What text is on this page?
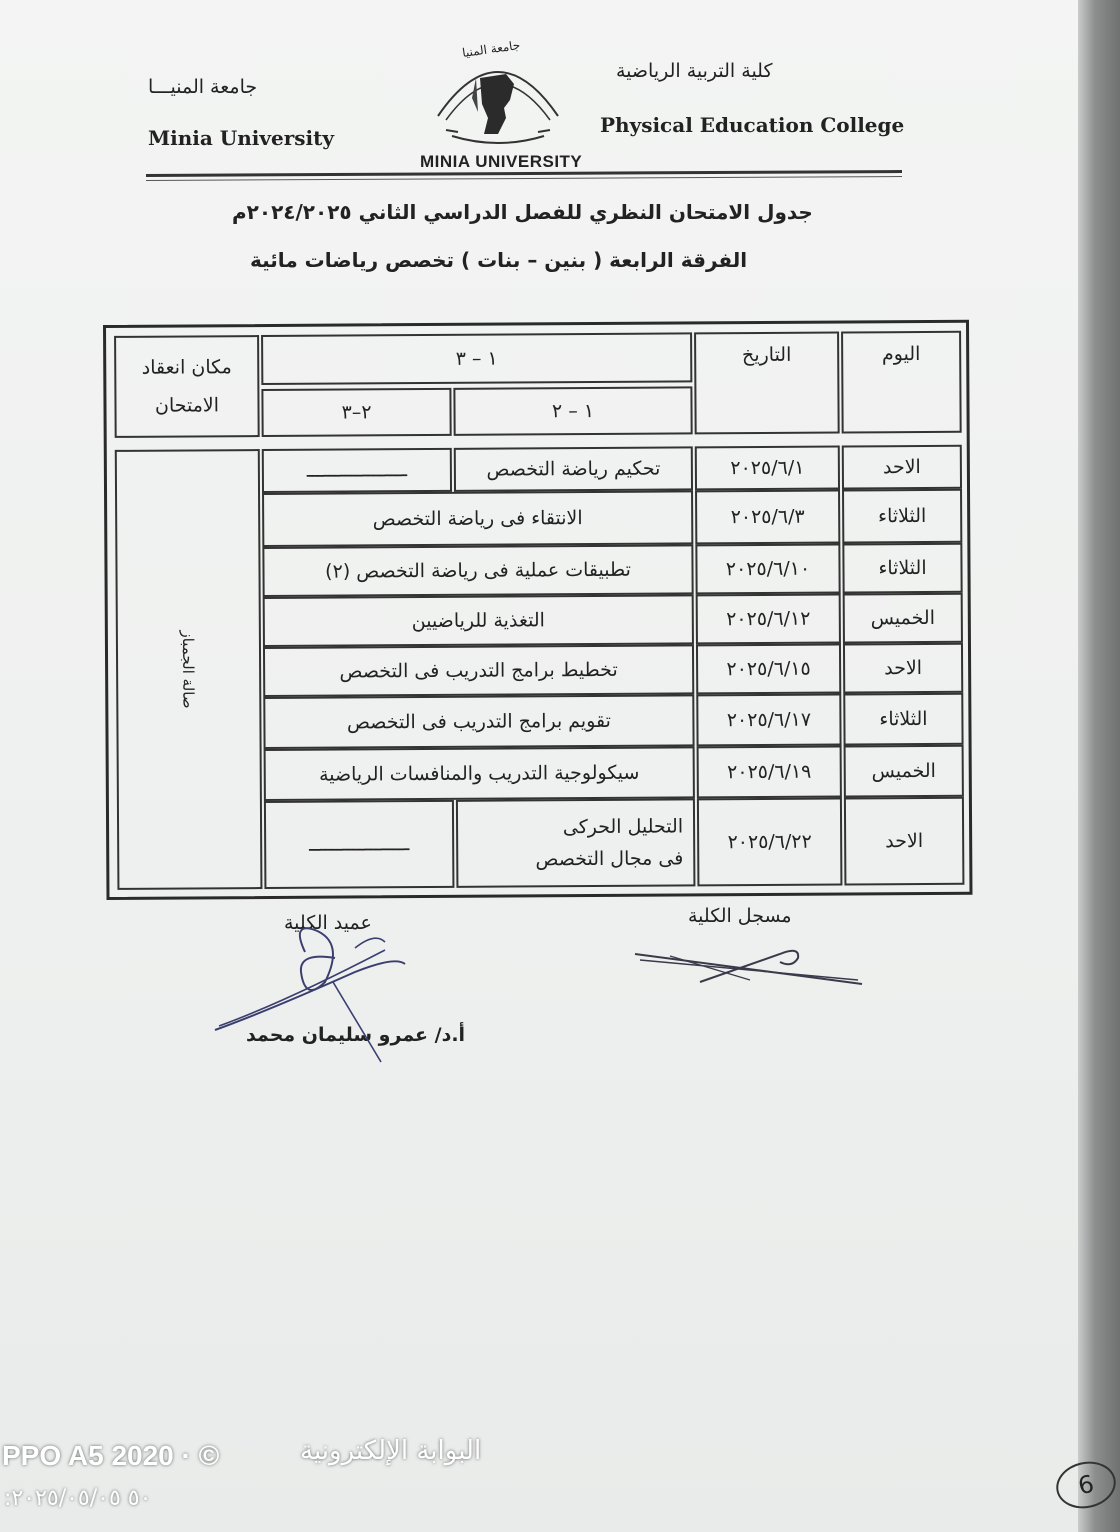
جامعة المنيـــا
Minia University
كلية التربية الرياضية
Physical Education College
جامعة المنيا
MINIA UNIVERSITY
جدول الامتحان النظري للفصل الدراسي الثاني ٢٠٢٤/٢٠٢٥م
الفرقة الرابعة ( بنين – بنات ) تخصص رياضات مائية
اليوم
التاريخ
١ – ٣
١ – ٢
٢–٣
مكان انعقاد الامتحان
صالة الجمباز
الاحد
٢٠٢٥/٦/١
تحكيم رياضة التخصص
ــــــــــــــــــ
الثلاثاء
٢٠٢٥/٦/٣
الانتقاء فى رياضة التخصص
الثلاثاء
٢٠٢٥/٦/١٠
تطبيقات عملية فى رياضة التخصص (٢)
الخميس
٢٠٢٥/٦/١٢
التغذية للرياضيين
الاحد
٢٠٢٥/٦/١٥
تخطيط برامج التدريب فى التخصص
الثلاثاء
٢٠٢٥/٦/١٧
تقويم برامج التدريب فى التخصص
الخميس
٢٠٢٥/٦/١٩
سيكولوجية التدريب والمنافسات الرياضية
الاحد
٢٠٢٥/٦/٢٢
التحليل الحركى
فى مجال التخصص
ــــــــــــــــــ
مسجل الكلية
عميد الكلية
أ.د/ عمرو سليمان محمد
البوابة الإلكترونية
PPO A5 2020 · ©
:٥٠ ٢٠٢٥/٠٥/٠٥	6
